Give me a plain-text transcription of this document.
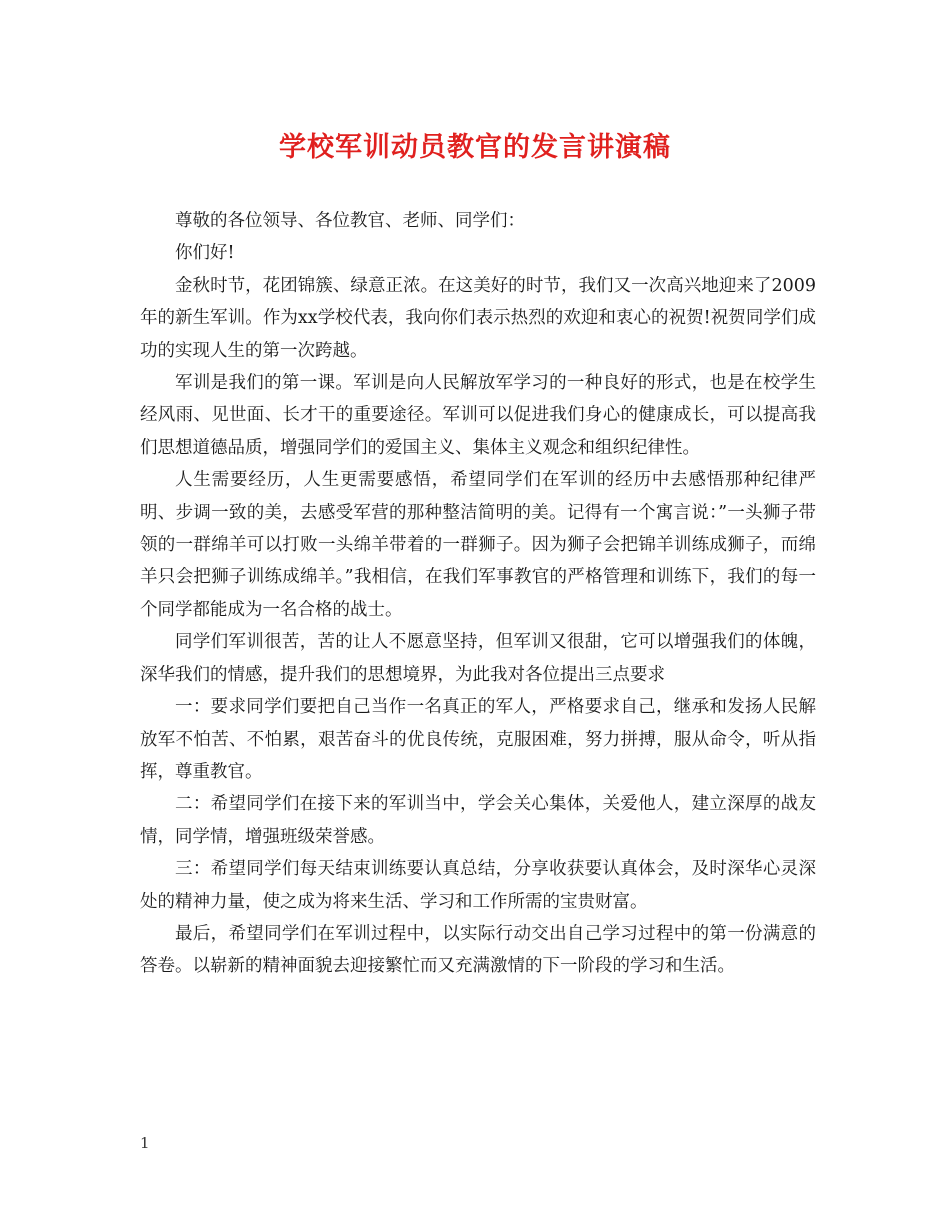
学校军训动员教官的发言讲演稿

尊敬的各位领导、各位教官、老师、同学们：

你们好!

金秋时节，花团锦簇、绿意正浓。在这美好的时节，我们又一次高兴地迎来了2009年的新生军训。作为xx学校代表，我向你们表示热烈的欢迎和衷心的祝贺!祝贺同学们成功的实现人生的第一次跨越。

军训是我们的第一课。军训是向人民解放军学习的一种良好的形式，也是在校学生经风雨、见世面、长才干的重要途径。军训可以促进我们身心的健康成长，可以提高我们思想道德品质，增强同学们的爱国主义、集体主义观念和组织纪律性。

人生需要经历，人生更需要感悟，希望同学们在军训的经历中去感悟那种纪律严明、步调一致的美，去感受军营的那种整洁简明的美。记得有一个寓言说：”一头狮子带领的一群绵羊可以打败一头绵羊带着的一群狮子。因为狮子会把锦羊训练成狮子，而绵羊只会把狮子训练成绵羊。”我相信，在我们军事教官的严格管理和训练下，我们的每一个同学都能成为一名合格的战士。

同学们军训很苦，苦的让人不愿意坚持，但军训又很甜，它可以增强我们的体魄，深华我们的情感，提升我们的思想境界，为此我对各位提出三点要求

一：要求同学们要把自己当作一名真正的军人，严格要求自己，继承和发扬人民解放军不怕苦、不怕累，艰苦奋斗的优良传统，克服困难，努力拼搏，服从命令，听从指挥，尊重教官。

二：希望同学们在接下来的军训当中，学会关心集体，关爱他人，建立深厚的战友情，同学情，增强班级荣誉感。

三：希望同学们每天结束训练要认真总结，分享收获要认真体会，及时深华心灵深处的精神力量，使之成为将来生活、学习和工作所需的宝贵财富。

最后，希望同学们在军训过程中，以实际行动交出自己学习过程中的第一份满意的答卷。以崭新的精神面貌去迎接繁忙而又充满激情的下一阶段的学习和生活。

1
